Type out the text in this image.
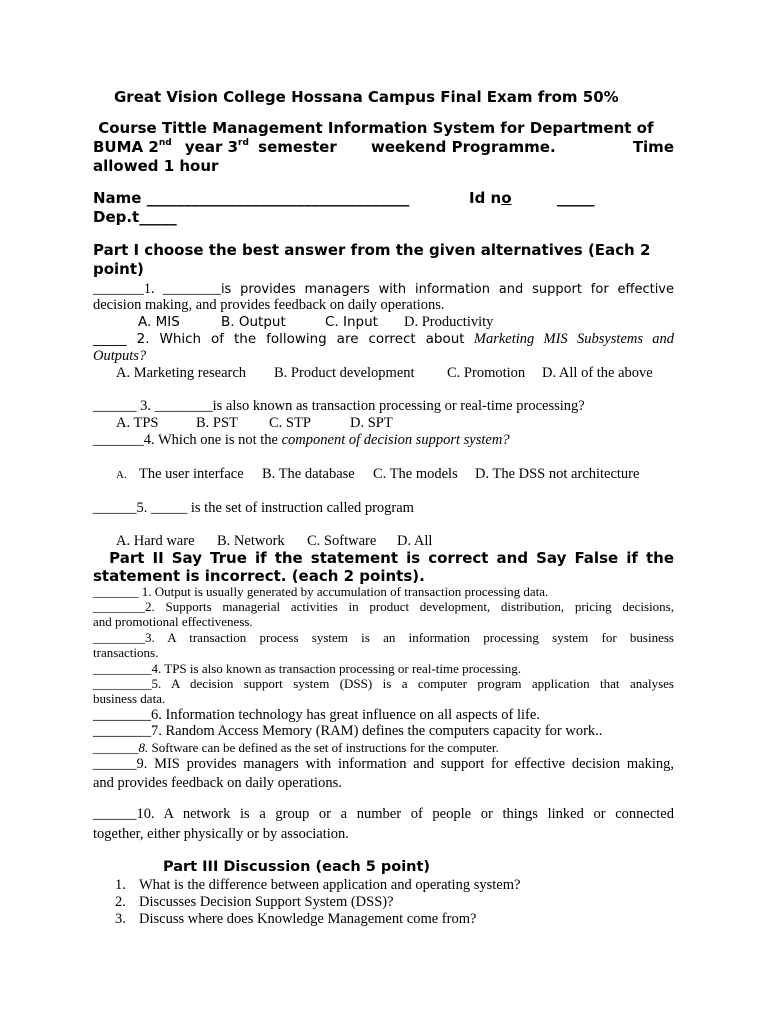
Great Vision College Hossana Campus Final Exam from 50%
Course Tittle Management Information System for Department of
BUMA 2nd year 3rd semester weekend Programme.	Time
allowed 1 hour
Name ___________________________________	Id no	_____
Dep.t_____
Part I choose the best answer from the given alternatives (Each 2
point)
_______1. ________is provides managers with information and support for effective
decision making, and provides feedback on daily operations.
A. MIS	B. Output	C. Input D. Productivity
_____ 2. Which of the following are correct about Marketing MIS Subsystems and
Outputs?
A. Marketing research B. Product development C. Promotion D. All of the above
______ 3. ________is also known as transaction processing or real-time processing?
A. TPS	B. PST C. STP	D. SPT
_______4. Which one is not the component of decision support system?
A. The user interface B. The database C. The models D. The DSS not architecture
______5. _____ is the set of instruction called program
A. Hard ware B. Network C. Software D. All
Part II Say True if the statement is correct and Say False if the
statement is incorrect. (each 2 points).
_______ 1. Output is usually generated by accumulation of transaction processing data.
________2. Supports managerial activities in product development, distribution, pricing decisions,
and promotional effectiveness.
________3. A transaction process system is an information processing system for business
transactions.
_________4. TPS is also known as transaction processing or real-time processing.
_________5. A decision support system (DSS) is a computer program application that analyses
business data.
________6. Information technology has great influence on all aspects of life.
________7. Random Access Memory (RAM) defines the computers capacity for work..
_______8. Software can be defined as the set of instructions for the computer.
______9. MIS provides managers with information and support for effective decision making,
and provides feedback on daily operations.
______10. A network is a group or a number of people or things linked or connected
together, either physically or by association.
Part III Discussion (each 5 point)
1. What is the difference between application and operating system?
2. Discusses Decision Support System (DSS)?
3. Discuss where does Knowledge Management come from?
